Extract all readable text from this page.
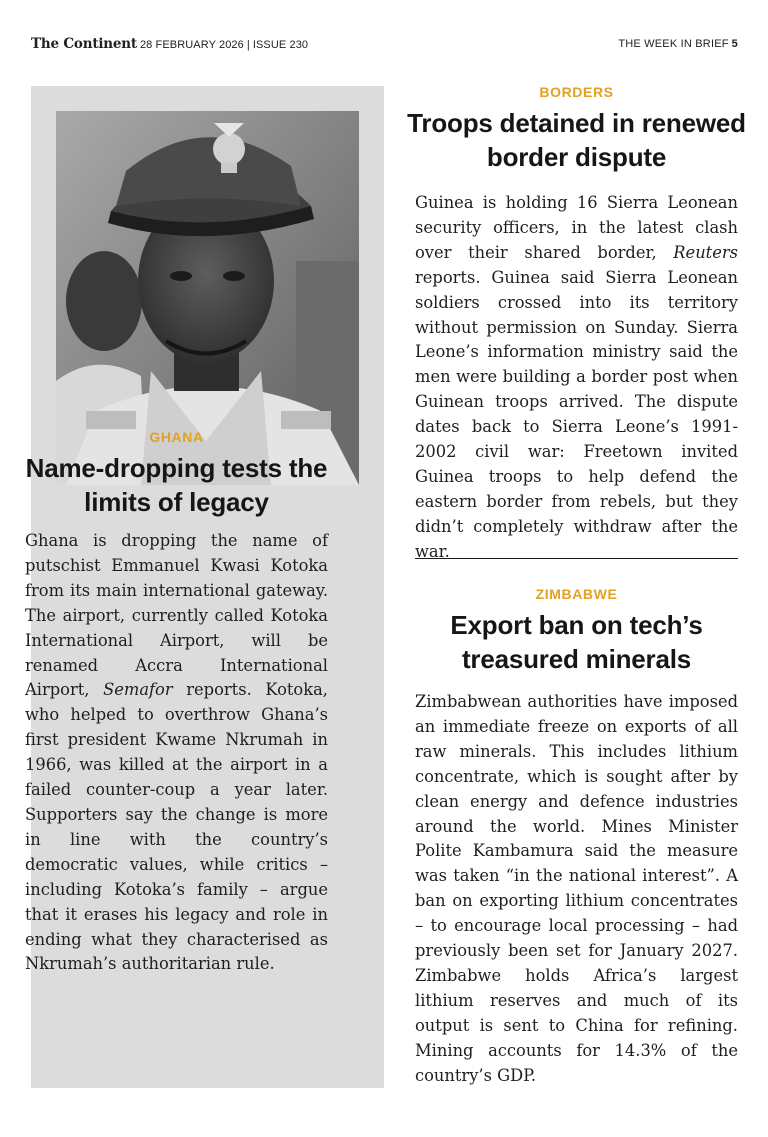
The Continent 28 FEBRUARY 2026 | ISSUE 230	THE WEEK IN BRIEF 5
GHANA
Name-dropping tests the limits of legacy
Ghana is dropping the name of putschist Emmanuel Kwasi Kotoka from its main international gateway. The airport, currently called Kotoka International Airport, will be renamed Accra International Airport, Semafor reports. Kotoka, who helped to overthrow Ghana’s first president Kwame Nkrumah in 1966, was killed at the airport in a failed counter-coup a year later. Supporters say the change is more in line with the country’s democratic values, while critics – including Kotoka’s family – argue that it erases his legacy and role in ending what they characterised as Nkrumah’s authoritarian rule.
BORDERS
Troops detained in renewed border dispute
Guinea is holding 16 Sierra Leonean security officers, in the latest clash over their shared border, Reuters reports. Guinea said Sierra Leonean soldiers crossed into its territory without permission on Sunday. Sierra Leone’s information ministry said the men were building a border post when Guinean troops arrived. The dispute dates back to Sierra Leone’s 1991-2002 civil war: Freetown invited Guinea troops to help defend the eastern border from rebels, but they didn’t completely withdraw after the war.
ZIMBABWE
Export ban on tech’s treasured minerals
Zimbabwean authorities have imposed an immediate freeze on exports of all raw minerals. This includes lithium concentrate, which is sought after by clean energy and defence industries around the world. Mines Minister Polite Kambamura said the measure was taken “in the national interest”. A ban on exporting lithium concentrates – to encourage local processing – had previously been set for January 2027. Zimbabwe holds Africa’s largest lithium reserves and much of its output is sent to China for refining. Mining accounts for 14.3% of the country’s GDP.
